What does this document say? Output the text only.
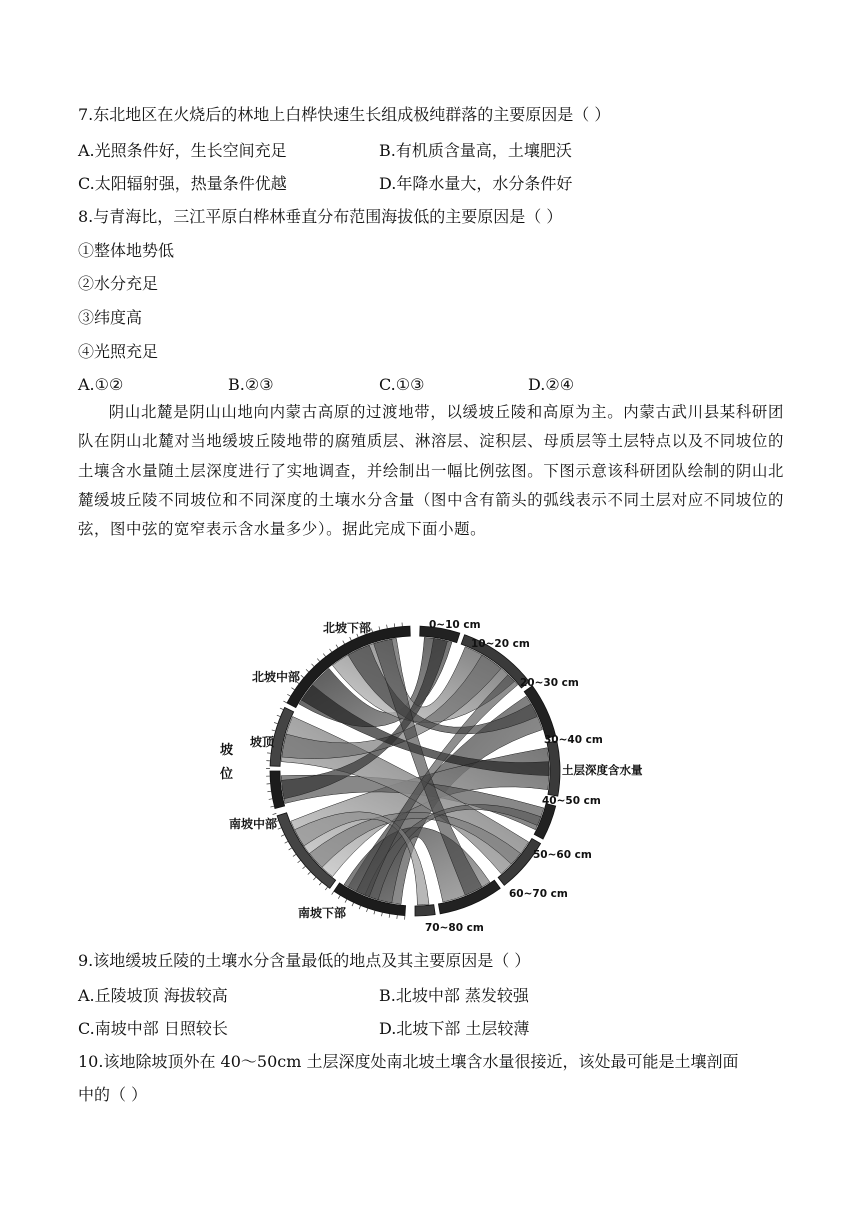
7.东北地区在火烧后的林地上白桦快速生长组成极纯群落的主要原因是（ ）
A.光照条件好，生长空间充足	B.有机质含量高，土壤肥沃
C.太阳辐射强，热量条件优越	D.年降水量大，水分条件好
8.与青海比，三江平原白桦林垂直分布范围海拔低的主要原因是（ ）
①整体地势低
②水分充足
③纬度高
④光照充足
A.①②	B.②③	C.①③	D.②④

阴山北麓是阴山山地向内蒙古高原的过渡地带，以缓坡丘陵和高原为主。内蒙古武川县某科研团队在阴山北麓对当地缓坡丘陵地带的腐殖质层、淋溶层、淀积层、母质层等土层特点以及不同坡位的土壤含水量随土层深度进行了实地调查，并绘制出一幅比例弦图。下图示意该科研团队绘制的阴山北麓缓坡丘陵不同坡位和不同深度的土壤水分含量（图中含有箭头的弧线表示不同土层对应不同坡位的弦，图中弦的宽窄表示含水量多少）。据此完成下面小题。

0~10 cm
10~20 cm
20~30 cm
30~40 cm
土层深度含水量
40~50 cm
50~60 cm
60~70 cm
70~80 cm
北坡下部
北坡中部
坡顶
南坡中部
南坡下部
坡
位
9.该地缓坡丘陵的土壤水分含量最低的地点及其主要原因是（ ）
A.丘陵坡顶 海拔较高	B.北坡中部 蒸发较强
C.南坡中部 日照较长	D.北坡下部 土层较薄
10.该地除坡顶外在 40～50cm 土层深度处南北坡土壤含水量很接近，该处最可能是土壤剖面
中的（ ）
